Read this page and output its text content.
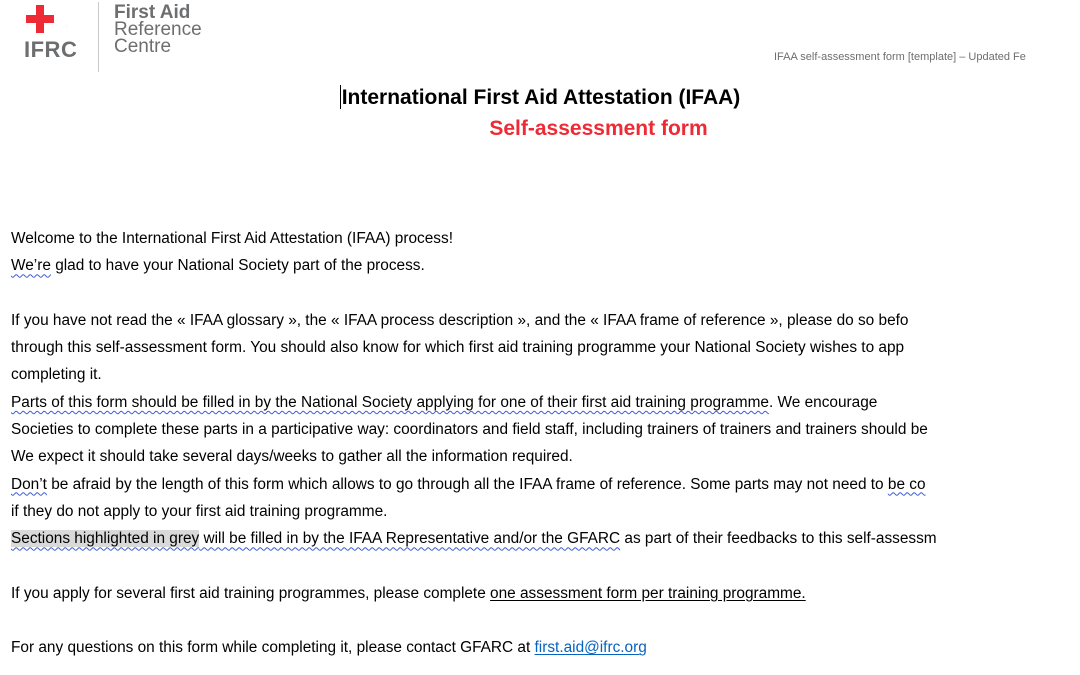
IFRC
First Aid
Reference
Centre	IFAA self-assessment form [template] – Updated Fe
International First Aid Attestation (IFAA)
Self-assessment form
Welcome to the International First Aid Attestation (IFAA) process!
We’re glad to have your National Society part of the process.
If you have not read the « IFAA glossary », the « IFAA process description », and the « IFAA frame of reference », please do so befo
through this self-assessment form. You should also know for which first aid training programme your National Society wishes to app
completing it.
Parts of this form should be filled in by the National Society applying for one of their first aid training programme. We encourage
Societies to complete these parts in a participative way: coordinators and field staff, including trainers of trainers and trainers should be
We expect it should take several days/weeks to gather all the information required.
Don’t be afraid by the length of this form which allows to go through all the IFAA frame of reference. Some parts may not need to be co
if they do not apply to your first aid training programme.
Sections highlighted in grey will be filled in by the IFAA Representative and/or the GFARC as part of their feedbacks to this self-assessm
If you apply for several first aid training programmes, please complete one assessment form per training programme.
For any questions on this form while completing it, please contact GFARC at first.aid@ifrc.org
